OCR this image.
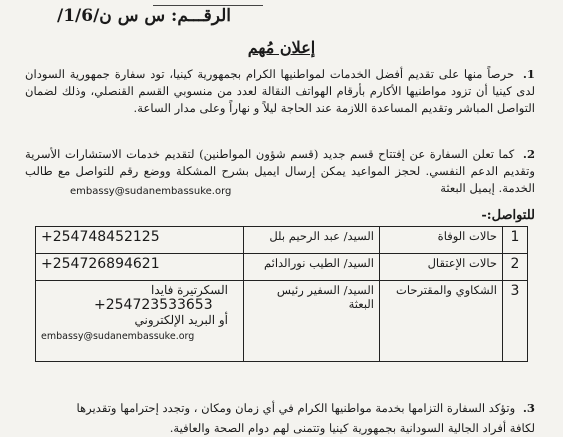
الرقـــم: س س ن/1/6/
إعلان مُهم
1. حرصاً منها على تقديم أفضل الخدمات لمواطنيها الكرام بجمهورية كينيا، تود سفارة جمهورية السودان لدى كينيا أن تزود مواطنيها الأكارم بأرقام الهواتف النقالة لعدد من منسوبي القسم القنصلي، وذلك لضمان التواصل المباشر وتقديم المساعدة اللازمة عند الحاجة ليلاً و نهاراً وعلى مدار الساعة.
2. كما تعلن السفارة عن إفتتاح قسم جديد (قسم شؤون المواطنين) لتقديم خدمات الاستشارات الأسرية وتقديم الدعم النفسي. لحجز المواعيد يمكن إرسال ايميل بشرح المشكلة ووضع رقم للتواصل مع طالب الخدمة. إيميل البعثة
embassy@sudanembassuke.org
للتواصل:-
1	حالات الوفاة	السيد/ عبد الرحيم بلل	+254748452125
2	حالات الإعتقال	السيد/ الطيب نورالدائم	+254726894621
3	الشكاوي والمقترحات	السيد/ السفير رئيس البعثة	السكرتيرة فايدا
+254723533653
أو البريد الإلكتروني
embassy@sudanembassuke.org
3. وتؤكد السفارة التزامها بخدمة مواطنيها الكرام في أي زمان ومكان ، وتجدد إحترامها وتقديرها
لكافة أفراد الجالية السودانية بجمهورية كينيا وتتمنى لهم دوام الصحة والعافية.
